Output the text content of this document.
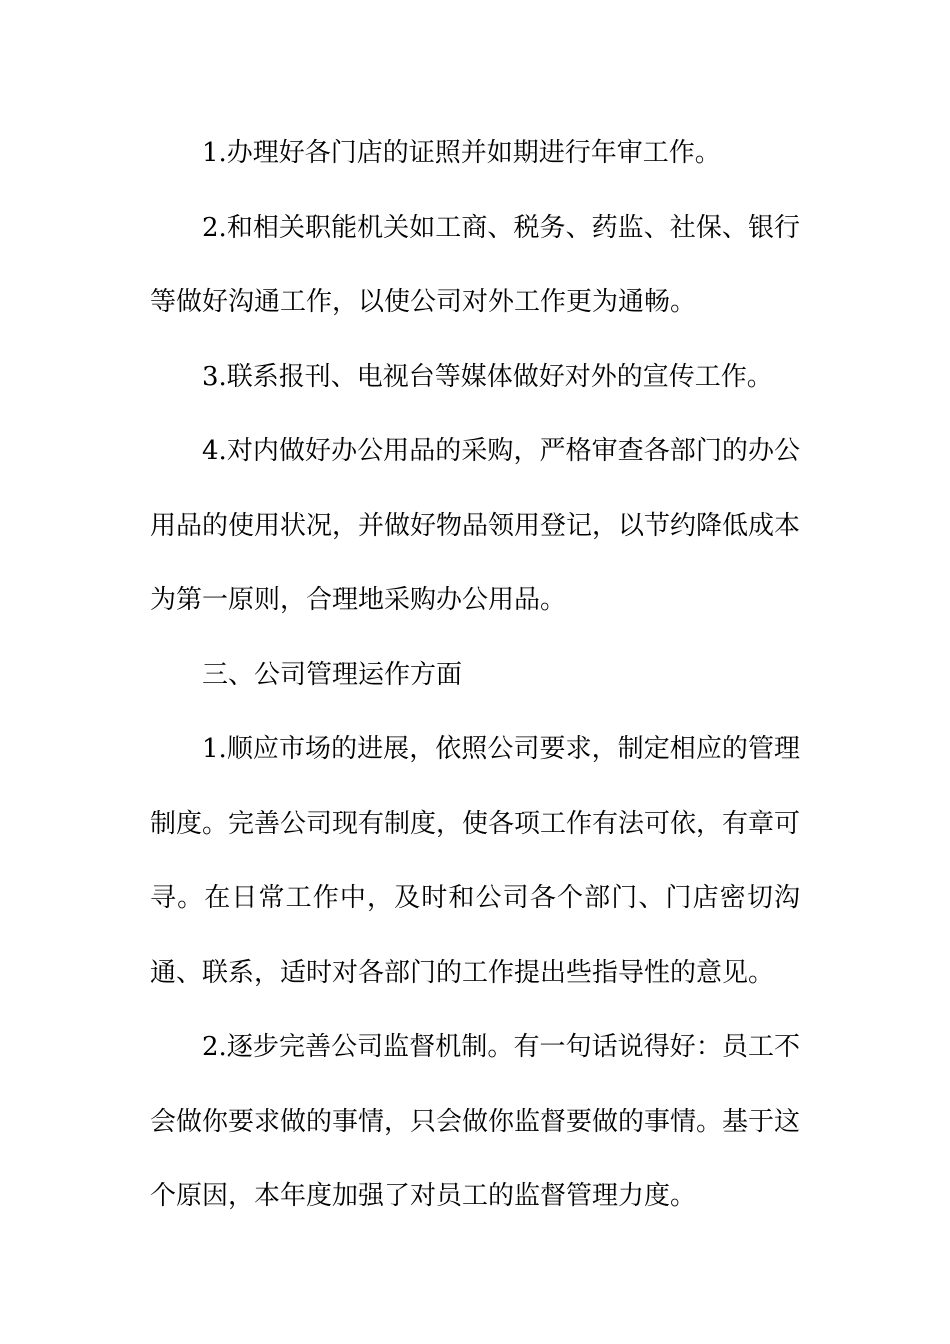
1.办理好各门店的证照并如期进行年审工作。

2.和相关职能机关如工商、税务、药监、社保、银行等做好沟通工作，以使公司对外工作更为通畅。

3.联系报刊、电视台等媒体做好对外的宣传工作。

4.对内做好办公用品的采购，严格审查各部门的办公用品的使用状况，并做好物品领用登记，以节约降低成本为第一原则，合理地采购办公用品。

三、公司管理运作方面

1.顺应市场的进展，依照公司要求，制定相应的管理制度。完善公司现有制度，使各项工作有法可依，有章可寻。在日常工作中，及时和公司各个部门、门店密切沟通、联系，适时对各部门的工作提出些指导性的意见。

2.逐步完善公司监督机制。有一句话说得好：员工不会做你要求做的事情，只会做你监督要做的事情。基于这个原因，本年度加强了对员工的监督管理力度。
